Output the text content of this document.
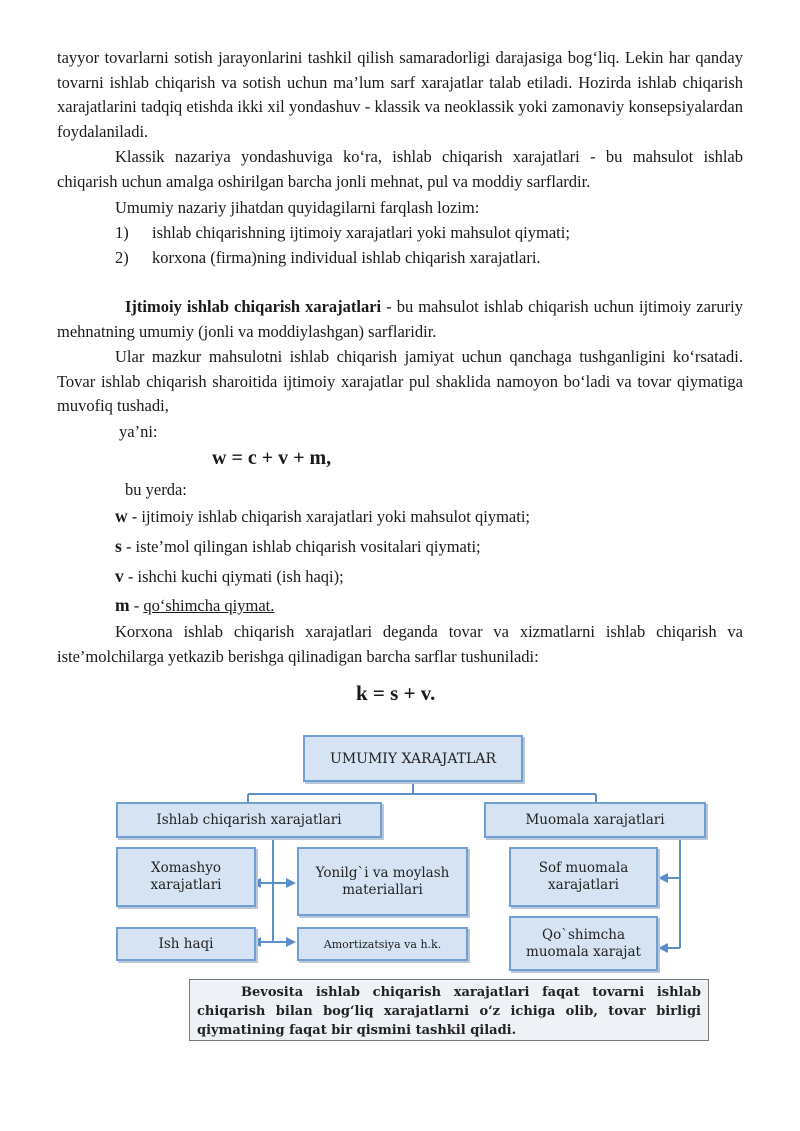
tayyor tovarlarni sotish jarayonlarini tashkil qilish samaradorligi darajasiga bog‘liq. Lekin har qanday tovarni ishlab chiqarish va sotish uchun ma’lum sarf xarajatlar talab etiladi. Hozirda ishlab chiqarish xarajatlarini tadqiq etishda ikki xil yondashuv - klassik va neoklassik yoki zamonaviy konsepsiyalardan foydalaniladi.

Klassik nazariya yondashuviga ko‘ra, ishlab chiqarish xarajatlari - bu mahsulot ishlab chiqarish uchun amalga oshirilgan barcha jonli mehnat, pul va moddiy sarflardir.

Umumiy nazariy jihatdan quyidagilarni farqlash lozim:

1) ishlab chiqarishning ijtimoiy xarajatlari yoki mahsulot qiymati;
2) korxona (firma)ning individual ishlab chiqarish xarajatlari.

Ijtimoiy ishlab chiqarish xarajatlari - bu mahsulot ishlab chiqarish uchun ijtimoiy zaruriy mehnatning umumiy (jonli va moddiylashgan) sarflaridir.

Ular mazkur mahsulotni ishlab chiqarish jamiyat uchun qanchaga tushganligini ko‘rsatadi. Tovar ishlab chiqarish sharoitida ijtimoiy xarajatlar pul shaklida namoyon bo‘ladi va tovar qiymatiga muvofiq tushadi,

ya’ni:

w = c + v + m,

bu yerda:

w - ijtimoiy ishlab chiqarish xarajatlari yoki mahsulot qiymati;
s - iste’mol qilingan ishlab chiqarish vositalari qiymati;
v - ishchi kuchi qiymati (ish haqi);
m - qo‘shimcha qiymat.

Korxona ishlab chiqarish xarajatlari deganda tovar va xizmatlarni ishlab chiqarish va iste’molchilarga yetkazib berishga qilinadigan barcha sarflar tushuniladi:

k = s + v.
UMUMIY XARAJATLAR
Ishlab chiqarish xarajatlari	Muomala xarajatlari
Xomashyo xarajatlari
Yonilg`i va moylash materiallari
Ish haqi	Amortizatsiya va h.k.
Sof muomala xarajatlari
Qo`shimcha muomala xarajat
Bevosita ishlab chiqarish xarajatlari faqat tovarni ishlab chiqarish bilan bog‘liq xarajatlarni o‘z ichiga olib, tovar birligi qiymatining faqat bir qismini tashkil qiladi.
